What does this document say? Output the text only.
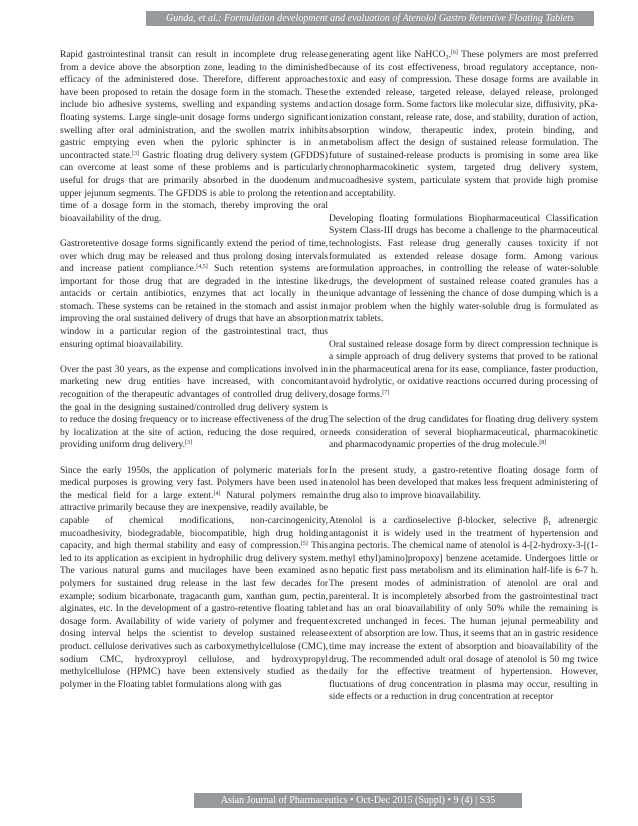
Gunda, et al.: Formulation development and evaluation of Atenolol Gastro Retentive Floating Tablets

Rapid gastrointestinal transit can result in incomplete drug release from a device above the absorption zone, leading to the diminished efficacy of the administered dose. Therefore, different approaches have been proposed to retain the dosage form in the stomach. These include bio adhesive systems, swelling and expanding systems and floating systems. Large single-unit dosage forms undergo significant swelling after oral administration, and the swollen matrix inhibits gastric emptying even when the pyloric sphincter is in an uncontracted state.[3] Gastric floating drug delivery system (GFDDS) can overcome at least some of these problems and is particularly useful for drugs that are primarily absorbed in the duodenum and upper jejunum segments. The GFDDS is able to prolong the retention time of a dosage form in the stomach, thereby improving the oral bioavailability of the drug.

Gastroretentive dosage forms significantly extend the period of time, over which drug may be released and thus prolong dosing intervals and increase patient compliance.[4,5] Such retention systems are important for those drug that are degraded in the intestine like antacids or certain antibiotics, enzymes that act locally in the stomach. These systems can be retained in the stomach and assist in improving the oral sustained delivery of drugs that have an absorption window in a particular region of the gastrointestinal tract, thus ensuring optimal bioavailability.

Over the past 30 years, as the expense and complications involved in marketing new drug entities have increased, with concomitant recognition of the therapeutic advantages of controlled drug delivery, the goal in the designing sustained/controlled drug delivery system is to reduce the dosing frequency or to increase effectiveness of the drug by localization at the site of action, reducing the dose required, or providing uniform drug delivery.[3]

Since the early 1950s, the application of polymeric materials for medical purposes is growing very fast. Polymers have been used in the medical field for a large extent.[4] Natural polymers remain attractive primarily because they are inexpensive, readily available, be capable of chemical modifications, non-carcinogenicity, mucoadhesivity, biodegradable, biocompatible, high drug holding capacity, and high thermal stability and easy of compression.[5] This led to its application as excipient in hydrophilic drug delivery system. The various natural gums and mucilages have been examined as polymers for sustained drug release in the last few decades for example; sodium bicarbonate, tragacanth gum, xanthan gum, pectin, alginates, etc. In the development of a gastro-retentive floating tablet dosage form. Availability of wide variety of polymer and frequent dosing interval helps the scientist to develop sustained release product. cellulose derivatives such as carboxymethylcellulose (CMC), sodium CMC, hydroxyproyl cellulose, and hydroxypropyl methylcellulose (HPMC) have been extensively studied as the polymer in the Floating tablet formulations along with gas

generating agent like NaHCO$_3$.[6] These polymers are most preferred because of its cost effectiveness, broad regulatory acceptance, non-toxic and easy of compression. These dosage forms are available in the extended release, targeted release, delayed release, prolonged action dosage form. Some factors like molecular size, diffusivity, pKa-ionization constant, release rate, dose, and stability, duration of action, absorption window, therapeutic index, protein binding, and metabolism affect the design of sustained release formulation. The future of sustained-release products is promising in some area like chronopharmacokinetic system, targeted drug delivery system, mucoadhesive system, particulate system that provide high promise and acceptability.

Developing floating formulations Biopharmaceutical Classification System Class-III drugs has become a challenge to the pharmaceutical technologists. Fast release drug generally causes toxicity if not formulated as extended release dosage form. Among various formulation approaches, in controlling the release of water-soluble drugs, the development of sustained release coated granules has a unique advantage of lessening the chance of dose dumping which is a major problem when the highly water-soluble drug is formulated as matrix tablets.

Oral sustained release dosage form by direct compression technique is a simple approach of drug delivery systems that proved to be rational in the pharmaceutical arena for its ease, compliance, faster production, avoid hydrolytic, or oxidative reactions occurred during processing of dosage forms.[7]

The selection of the drug candidates for floating drug delivery system needs consideration of several biopharmaceutical, pharmacokinetic and pharmacodynamic properties of the drug molecule.[8]

In the present study, a gastro-retentive floating dosage form of atenolol has been developed that makes less frequent administering of the drug also to improve bioavailability.

Atenolol is a cardioselective β-blocker, selective $\beta_1$ adrenergic antagonist it is widely used in the treatment of hypertension and angina pectoris. The chemical name of atenolol is 4-[2-hydroxy-3-[(1-methyl ethyl)amino]propoxy] benzene acetamide. Undergoes little or no hepatic first pass metabolism and its elimination half-life is 6-7 h. The present modes of administration of atenolol are oral and parenteral. It is incompletely absorbed from the gastrointestinal tract and has an oral bioavailability of only 50% while the remaining is excreted unchanged in feces. The human jejunal permeability and extent of absorption are low. Thus, it seems that an in gastric residence time may increase the extent of absorption and bioavailability of the drug. The recommended adult oral dosage of atenolol is 50 mg twice daily for the effective treatment of hypertension. However, fluctuations of drug concentration in plasma may occur, resulting in side effects or a reduction in drug concentration at receptor

Asian Journal of Pharmaceutics • Oct-Dec 2015 (Suppl) • 9 (4) | S35
